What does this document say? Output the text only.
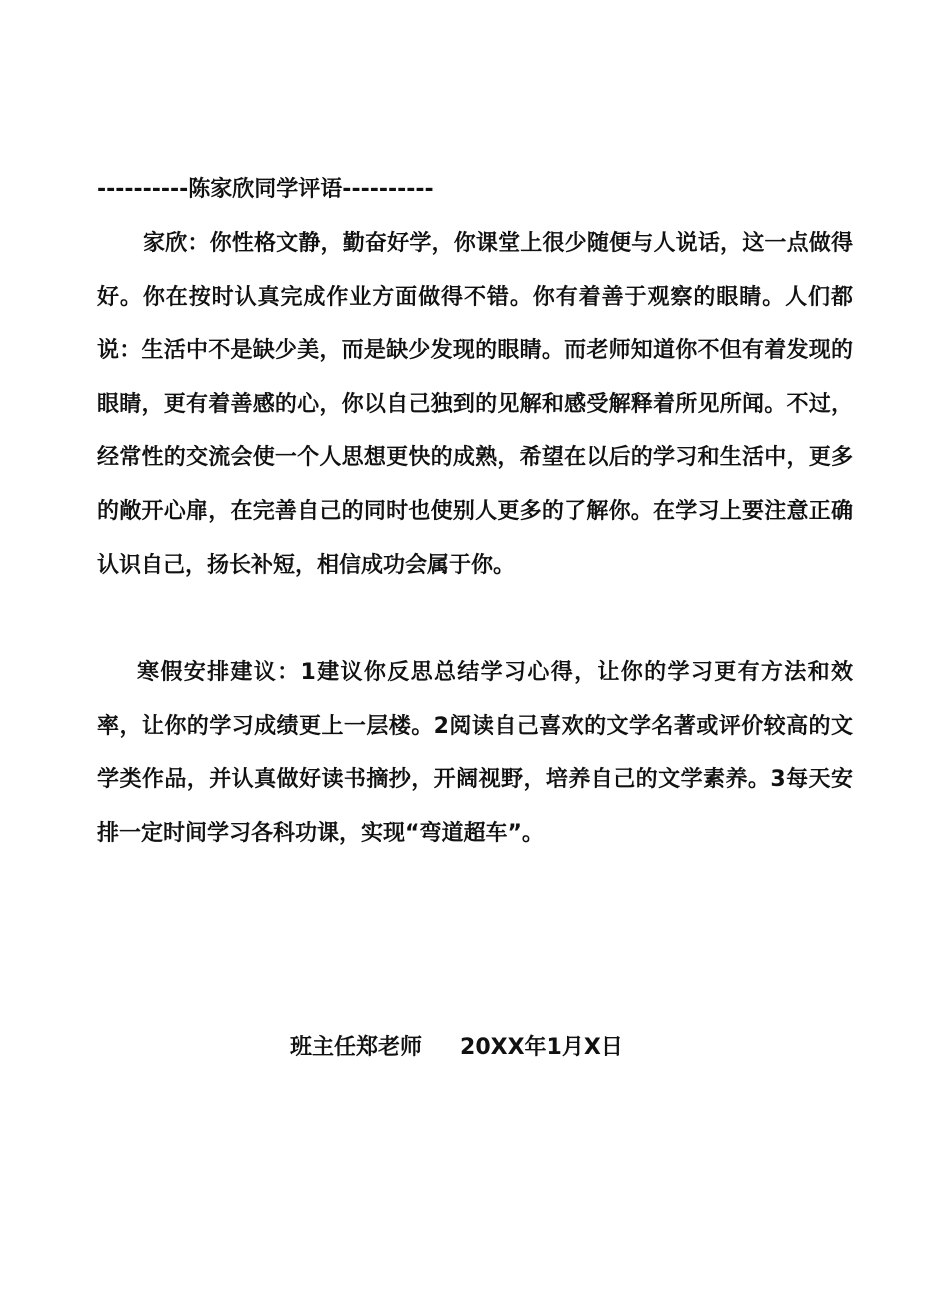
----------陈家欣同学评语----------

家欣：你性格文静，勤奋好学，你课堂上很少随便与人说话，这一点做得好。你在按时认真完成作业方面做得不错。你有着善于观察的眼睛。人们都说：生活中不是缺少美，而是缺少发现的眼睛。而老师知道你不但有着发现的眼睛，更有着善感的心，你以自己独到的见解和感受解释着所见所闻。不过，经常性的交流会使一个人思想更快的成熟，希望在以后的学习和生活中，更多的敞开心扉，在完善自己的同时也使别人更多的了解你。在学习上要注意正确认识自己，扬长补短，相信成功会属于你。

寒假安排建议：1建议你反思总结学习心得，让你的学习更有方法和效率，让你的学习成绩更上一层楼。2阅读自己喜欢的文学名著或评价较高的文学类作品，并认真做好读书摘抄，开阔视野，培养自己的文学素养。3每天安排一定时间学习各科功课，实现“弯道超车”。

班主任郑老师 20XX年1月X日
